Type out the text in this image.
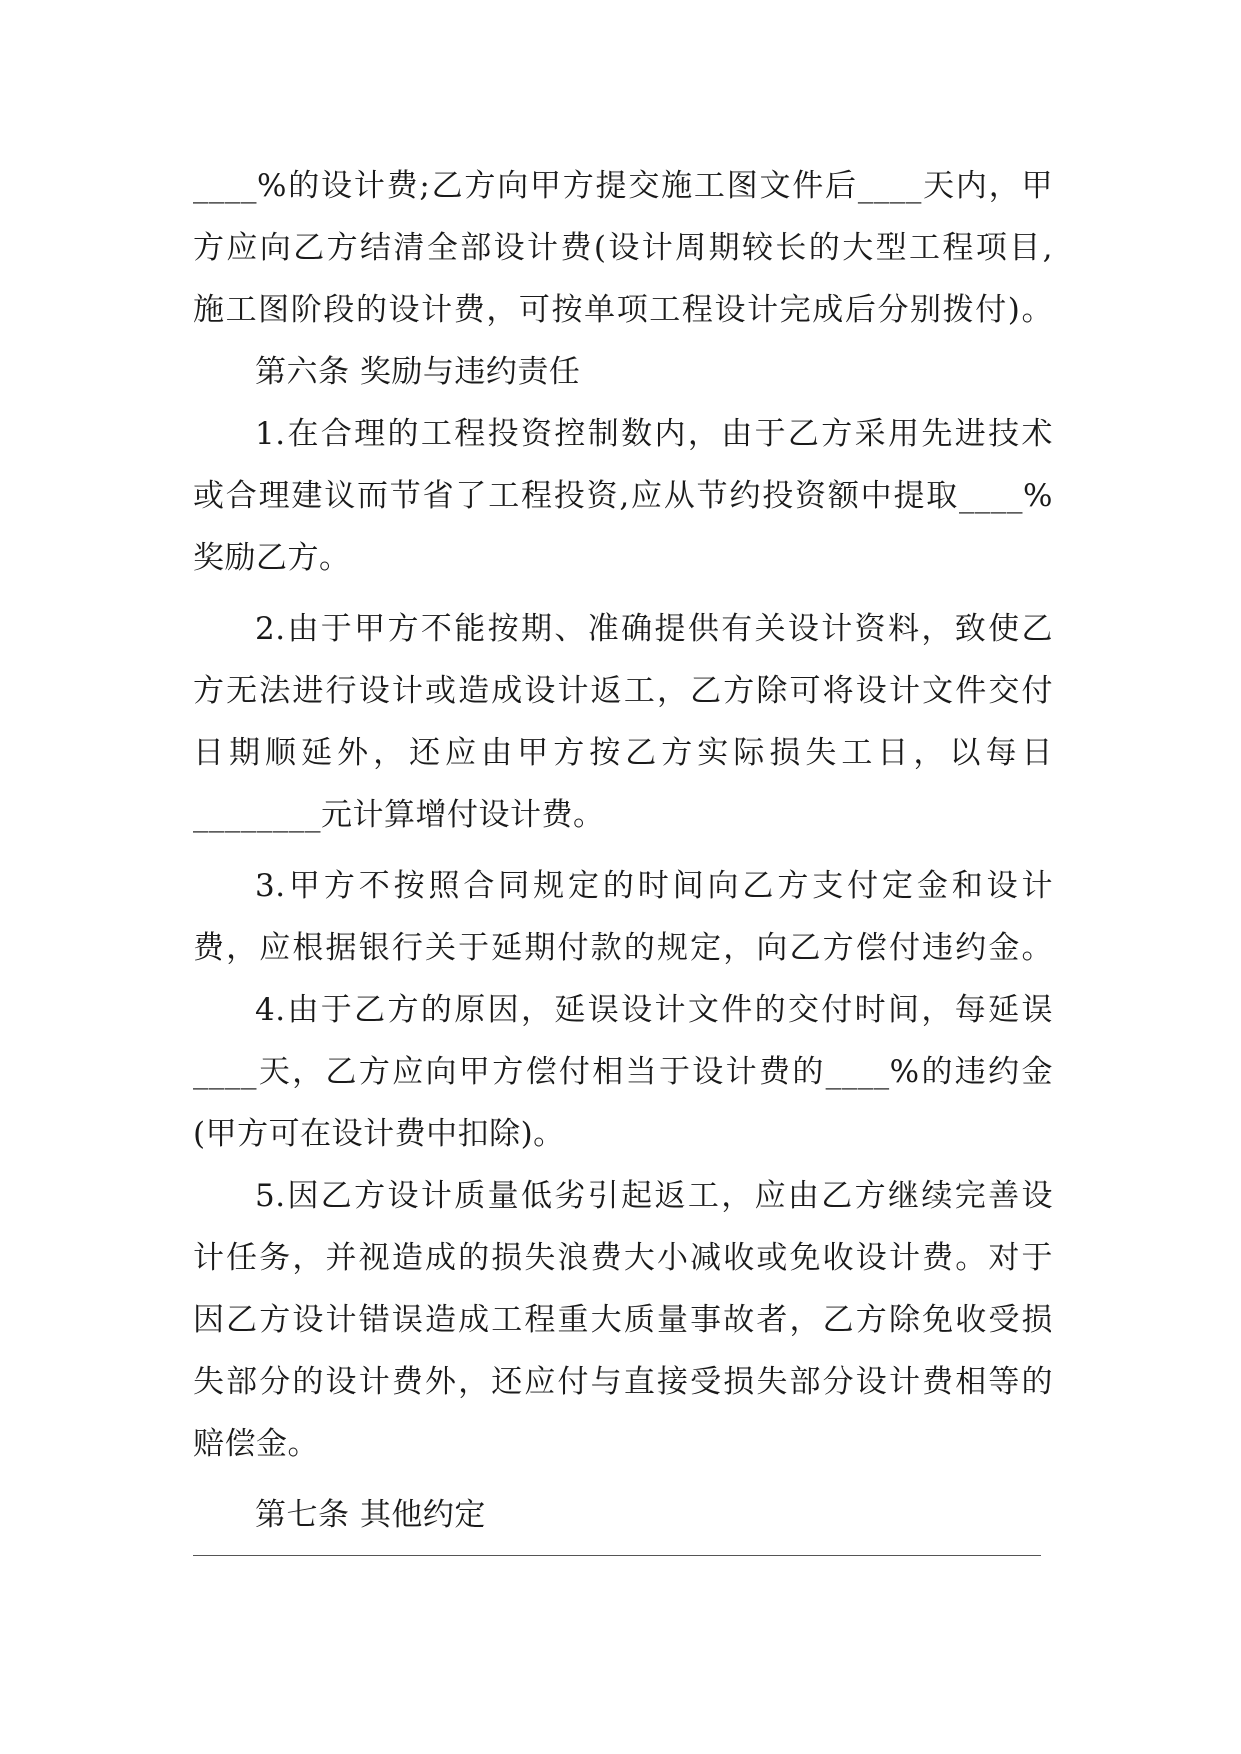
____%的设计费;乙方向甲方提交施工图文件后____天内，甲
方应向乙方结清全部设计费(设计周期较长的大型工程项目,
施工图阶段的设计费，可按单项工程设计完成后分别拨付)。
第六条 奖励与违约责任
1.在合理的工程投资控制数内，由于乙方采用先进技术
或合理建议而节省了工程投资,应从节约投资额中提取____%
奖励乙方。
2.由于甲方不能按期、准确提供有关设计资料，致使乙
方无法进行设计或造成设计返工，乙方除可将设计文件交付
日期顺延外，还应由甲方按乙方实际损失工日，以每日
________元计算增付设计费。
3.甲方不按照合同规定的时间向乙方支付定金和设计
费，应根据银行关于延期付款的规定，向乙方偿付违约金。
4.由于乙方的原因，延误设计文件的交付时间，每延误
____天，乙方应向甲方偿付相当于设计费的____%的违约金
(甲方可在设计费中扣除)。
5.因乙方设计质量低劣引起返工，应由乙方继续完善设
计任务，并视造成的损失浪费大小减收或免收设计费。对于
因乙方设计错误造成工程重大质量事故者，乙方除免收受损
失部分的设计费外，还应付与直接受损失部分设计费相等的
赔偿金。
第七条 其他约定
